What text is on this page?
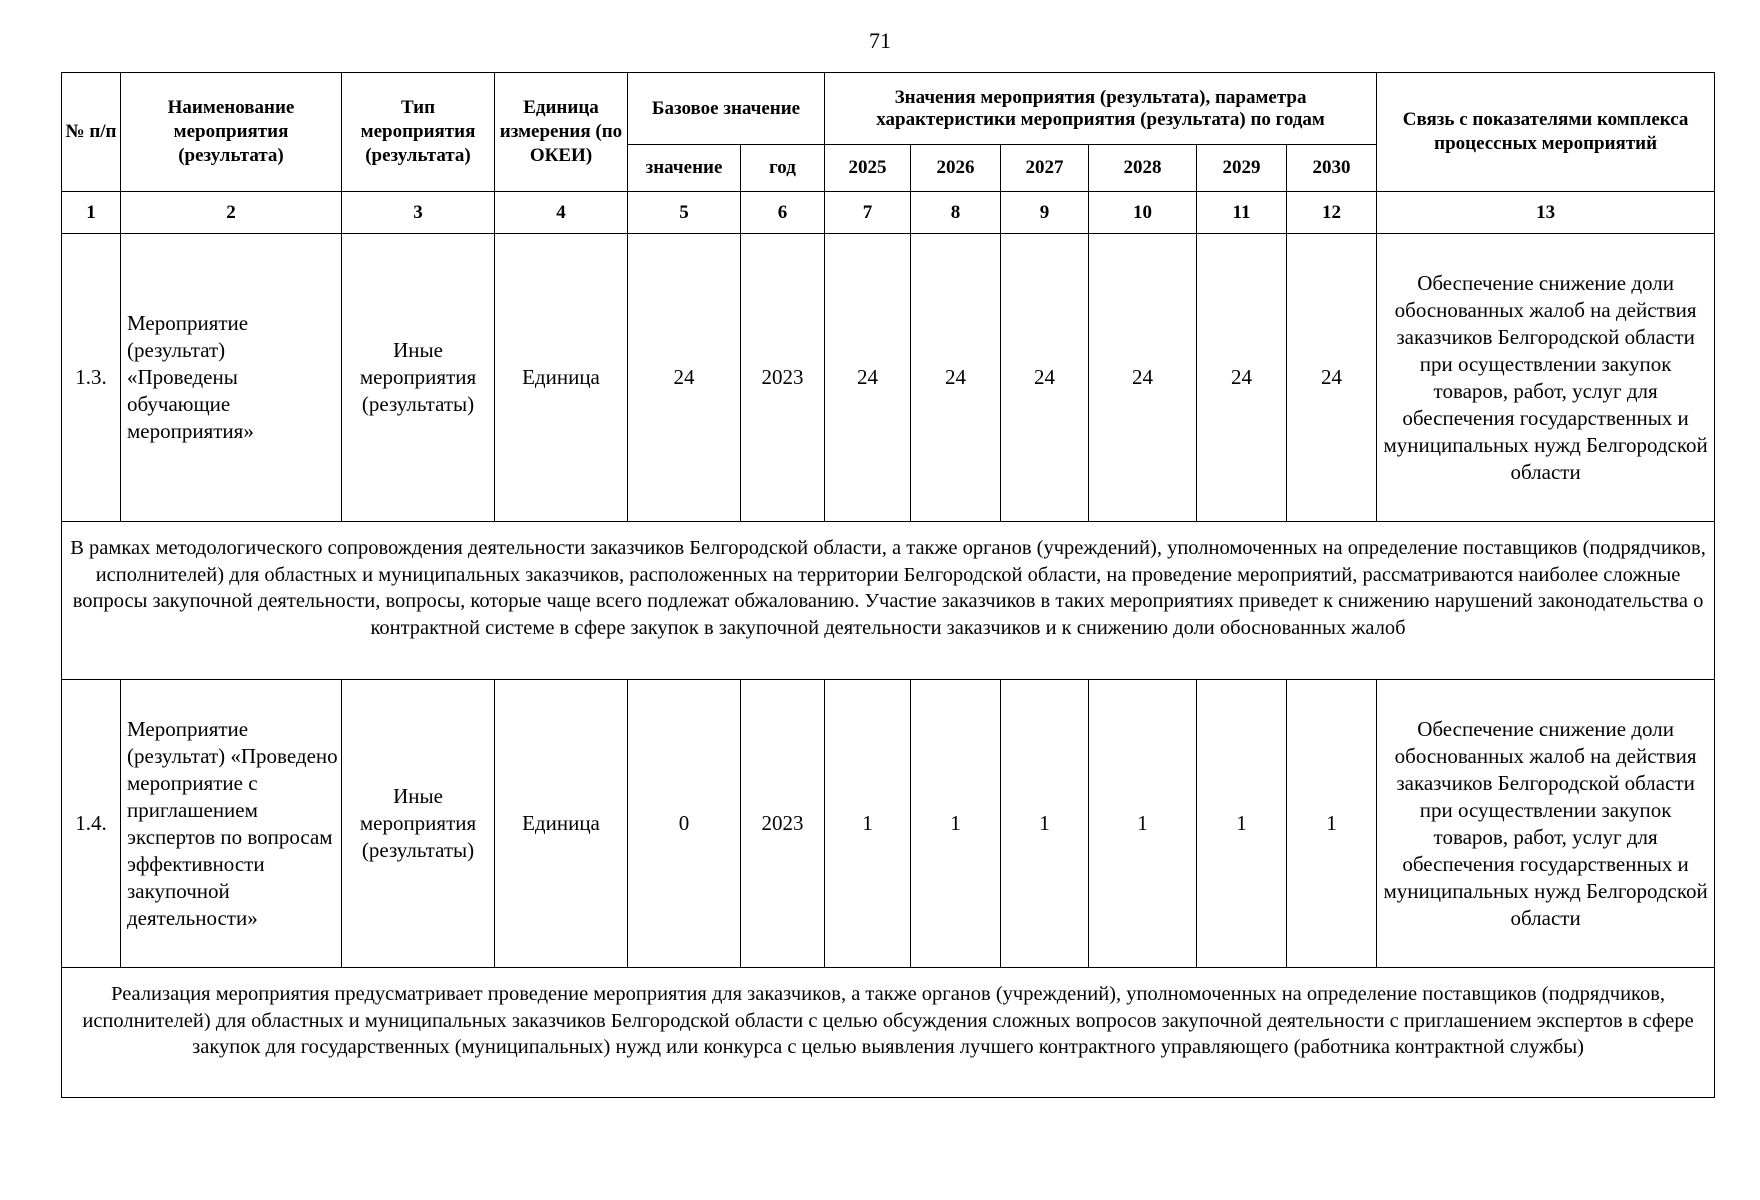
71
№ п/п	Наименование мероприятия (результата)	Тип мероприятия (результата)	Единица измерения (по ОКЕИ)	Базовое значение		Значения мероприятия (результата), параметра характеристики мероприятия (результата) по годам						Связь с показателями комплекса процессных мероприятий
				значение	год	2025	2026	2027	2028	2029	2030	
1	2	3	4	5	6	7	8	9	10	11	12	13
1.3.	Мероприятие (результат) «Проведены обучающие мероприятия»	Иные мероприятия (результаты)	Единица	24	2023	24	24	24	24	24	24	Обеспечение снижение доли обоснованных жалоб на действия заказчиков Белгородской области при осуществлении закупок товаров, работ, услуг для обеспечения государственных и муниципальных нужд Белгородской области
В рамках методологического сопровождения деятельности заказчиков Белгородской области, а также органов (учреждений), уполномоченных на определение поставщиков (подрядчиков, исполнителей) для областных и муниципальных заказчиков, расположенных на территории Белгородской области, на проведение мероприятий, рассматриваются наиболее сложные вопросы закупочной деятельности, вопросы, которые чаще всего подлежат обжалованию. Участие заказчиков в таких мероприятиях приведет к снижению нарушений законодательства о контрактной системе в сфере закупок в закупочной деятельности заказчиков и к снижению доли обоснованных жалоб												
1.4.	Мероприятие (результат) «Проведено мероприятие с приглашением экспертов по вопросам эффективности закупочной деятельности»	Иные мероприятия (результаты)	Единица	0	2023	1	1	1	1	1	1	Обеспечение снижение доли обоснованных жалоб на действия заказчиков Белгородской области при осуществлении закупок товаров, работ, услуг для обеспечения государственных и муниципальных нужд Белгородской области
Реализация мероприятия предусматривает проведение мероприятия для заказчиков, а также органов (учреждений), уполномоченных на определение поставщиков (подрядчиков, исполнителей) для областных и муниципальных заказчиков Белгородской области с целью обсуждения сложных вопросов закупочной деятельности с приглашением экспертов в сфере закупок для государственных (муниципальных) нужд или конкурса с целью выявления лучшего контрактного управляющего (работника контрактной службы)												
